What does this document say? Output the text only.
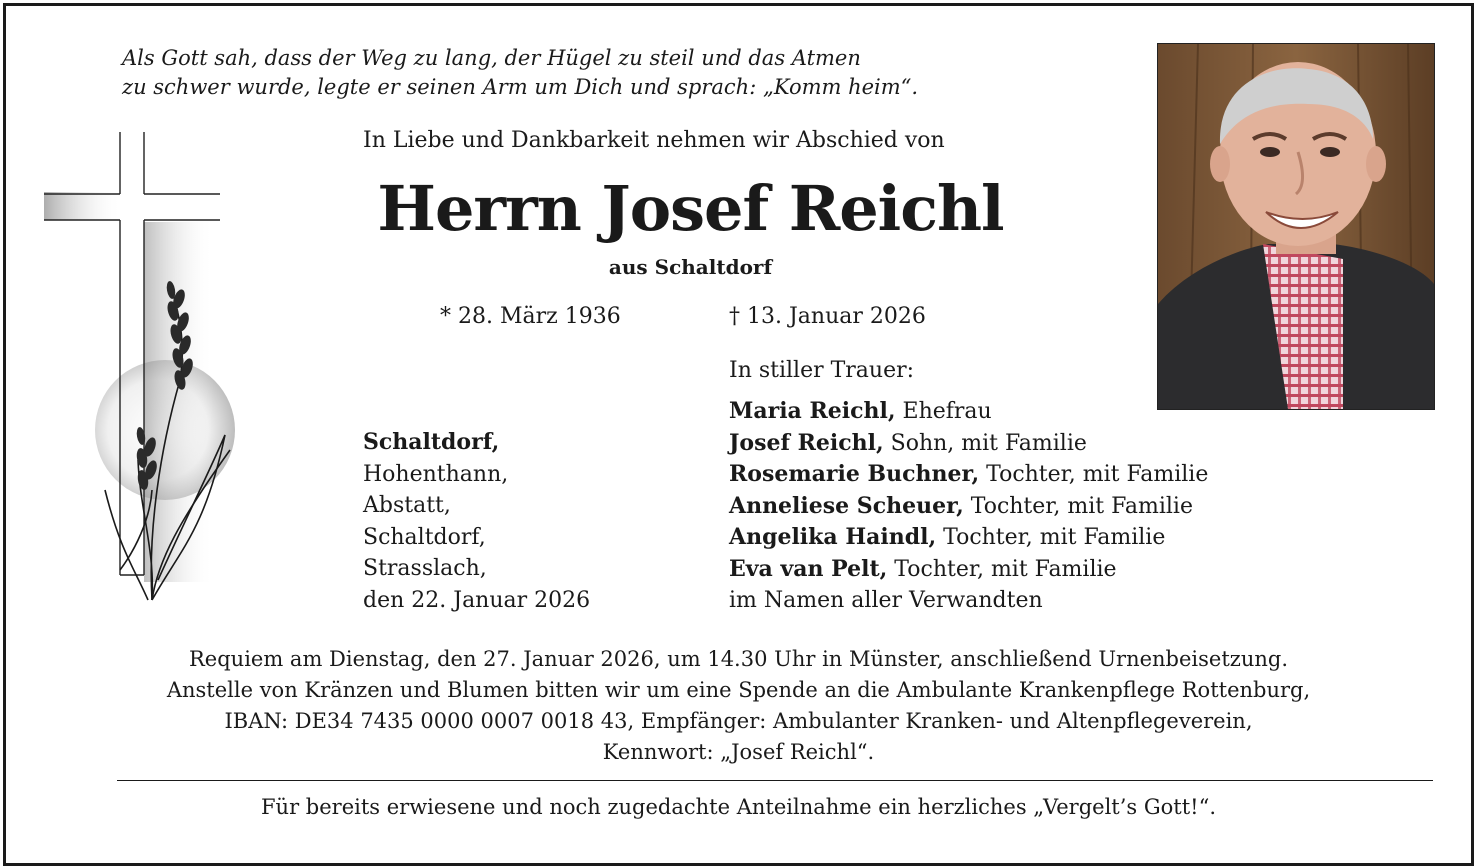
Als Gott sah, dass der Weg zu lang, der Hügel zu steil und das Atmen
zu schwer wurde, legte er seinen Arm um Dich und sprach: „Komm heim“.
In Liebe und Dankbarkeit nehmen wir Abschied von
Herrn Josef Reichl
aus Schaltdorf
* 28. März 1936	† 13. Januar 2026
In stiller Trauer:
Maria Reichl, Ehefrau
Josef Reichl, Sohn, mit Familie
Rosemarie Buchner, Tochter, mit Familie
Anneliese Scheuer, Tochter, mit Familie
Angelika Haindl, Tochter, mit Familie
Eva van Pelt, Tochter, mit Familie
im Namen aller Verwandten
Schaltdorf,
Hohenthann,
Abstatt,
Schaltdorf,
Strasslach,
den 22. Januar 2026
Requiem am Dienstag, den 27. Januar 2026, um 14.30 Uhr in Münster, anschließend Urnenbeisetzung.
Anstelle von Kränzen und Blumen bitten wir um eine Spende an die Ambulante Krankenpflege Rottenburg,
IBAN: DE34 7435 0000 0007 0018 43, Empfänger: Ambulanter Kranken- und Altenpflegeverein,
Kennwort: „Josef Reichl“.
Für bereits erwiesene und noch zugedachte Anteilnahme ein herzliches „Vergelt’s Gott!“.
